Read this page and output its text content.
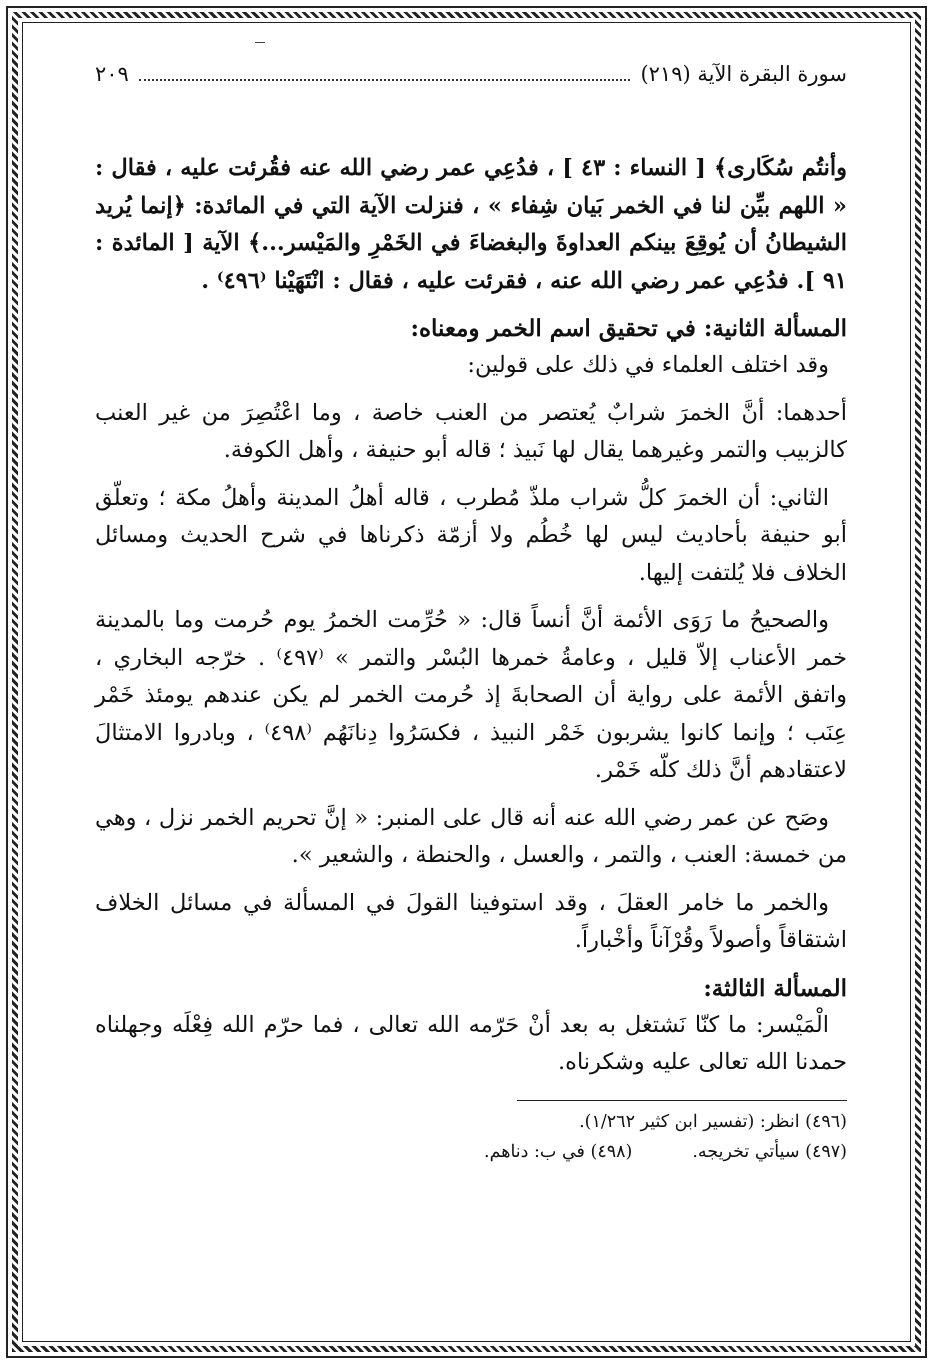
سورة البقرة الآية (٢١٩)
٢٠٩

وأنتُم سُكَارى﴾ [ النساء : ٤٣ ] ، فدُعِي عمر رضي الله عنه فقُرئت عليه ، فقال : « اللهم بيِّن لنا في الخمر بَيان شِفاء » ، فنزلت الآية التي في المائدة: ﴿إنما يُريد الشيطانُ أن يُوقِعَ بينكم العداوةَ والبغضاءَ في الخَمْرِ والمَيْسر...﴾ الآية [ المائدة : ٩١ ]. فدُعِي عمر رضي الله عنه ، فقرئت عليه ، فقال : انْتَهَيْنا ⁽٤٩٦⁾ .

المسألة الثانية: في تحقيق اسم الخمر ومعناه:

وقد اختلف العلماء في ذلك على قولين:

أحدهما: أنَّ الخمرَ شرابٌ يُعتصر من العنب خاصة ، وما اعْتُصِرَ من غير العنب كالزبيب والتمر وغيرهما يقال لها نَبيذ ؛ قاله أبو حنيفة ، وأهل الكوفة.

الثاني: أن الخمرَ كلُّ شراب ملذّ مُطرب ، قاله أهلُ المدينة وأهلُ مكة ؛ وتعلّق أبو حنيفة بأحاديث ليس لها خُطُم ولا أزمّة ذكرناها في شرح الحديث ومسائل الخلاف فلا يُلتفت إليها.

والصحيحُ ما رَوَى الأئمة أنَّ أنساً قال: « حُرِّمت الخمرُ يوم حُرمت وما بالمدينة خمر الأعناب إلاّ قليل ، وعامةُ خمرها البُسْر والتمر » ⁽٤٩٧⁾ . خرّجه البخاري ، واتفق الأئمة على رواية أن الصحابةَ إذ حُرمت الخمر لم يكن عندهم يومئذ خَمْر عِنَب ؛ وإنما كانوا يشربون خَمْر النبيذ ، فكسَرُوا دِنانَهُم ⁽٤٩٨⁾ ، وبادروا الامتثالَ لاعتقادهم أنَّ ذلك كلّه خَمْر.

وصَح عن عمر رضي الله عنه أنه قال على المنبر: « إنَّ تحريم الخمر نزل ، وهي من خمسة: العنب ، والتمر ، والعسل ، والحنطة ، والشعير ».

والخمر ما خامر العقلَ ، وقد استوفينا القولَ في المسألة في مسائل الخلاف اشتقاقاً وأصولاً وقُرْآناً وأخْباراً.

المسألة الثالثة:

الْمَيْسر: ما كنّا نَشتغل به بعد أنْ حَرّمه الله تعالى ، فما حرّم الله فِعْلَه وجهلناه حمدنا الله تعالى عليه وشكرناه.

(٤٩٦) انظر: (تفسير ابن كثير ١/٢٦٢).
(٤٩٧) سيأتي تخريجه.
(٤٩٨) في ب: دناهم.
